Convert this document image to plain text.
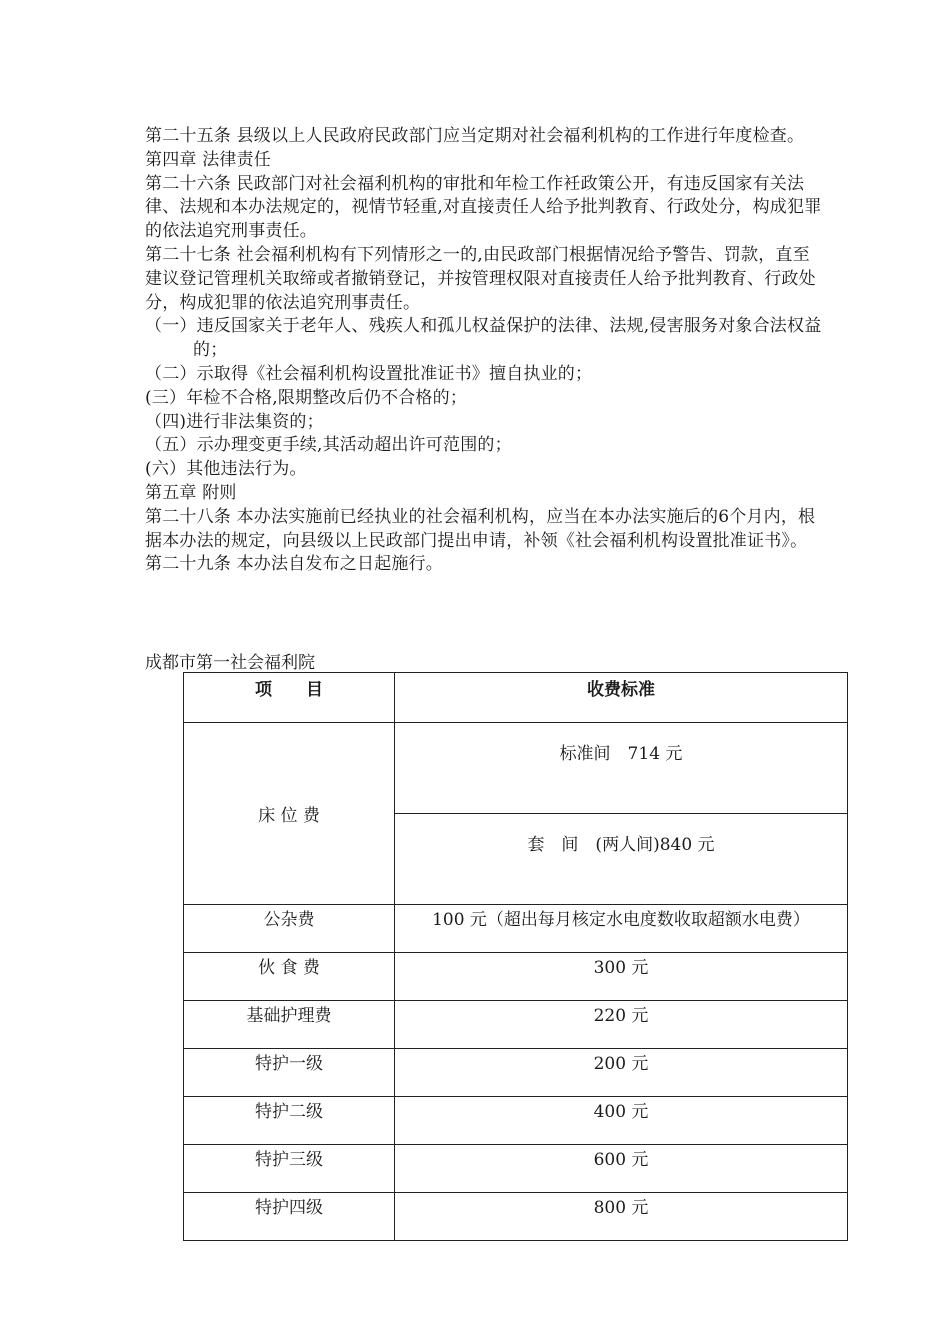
第二十五条 县级以上人民政府民政部门应当定期对社会福利机构的工作进行年度检查。

第四章 法律责任

第二十六条 民政部门对社会福利机构的审批和年检工作衽政策公开，有违反国家有关法律、法规和本办法规定的，视情节轻重,对直接责任人给予批判教育、行政处分，构成犯罪的依法追究刑事责任。

第二十七条 社会福利机构有下列情形之一的,由民政部门根据情况给予警告、罚款，直至建议登记管理机关取缔或者撤销登记，并按管理权限对直接责任人给予批判教育、行政处分，构成犯罪的依法追究刑事责任。

（一）违反国家关于老年人、残疾人和孤儿权益保护的法律、法规,侵害服务对象合法权益的；

（二）示取得《社会福利机构设置批准证书》擅自执业的；

(三）年检不合格,限期整改后仍不合格的；

（四)进行非法集资的；

（五）示办理变更手续,其活动超出许可范围的；

(六）其他违法行为。

第五章 附则

第二十八条 本办法实施前已经执业的社会福利机构，应当在本办法实施后的6个月内，根据本办法的规定，向县级以上民政部门提出申请，补领《社会福利机构设置批准证书》。

第二十九条 本办法自发布之日起施行。

成都市第一社会福利院
项　　目	收费标准
床 位 费	标准间　714 元
	套　间　(两人间)840 元
公杂费	100 元（超出每月核定水电度数收取超额水电费）
伙 食 费	300 元
基础护理费	220 元
特护一级	200 元
特护二级	400 元
特护三级	600 元
特护四级	800 元
